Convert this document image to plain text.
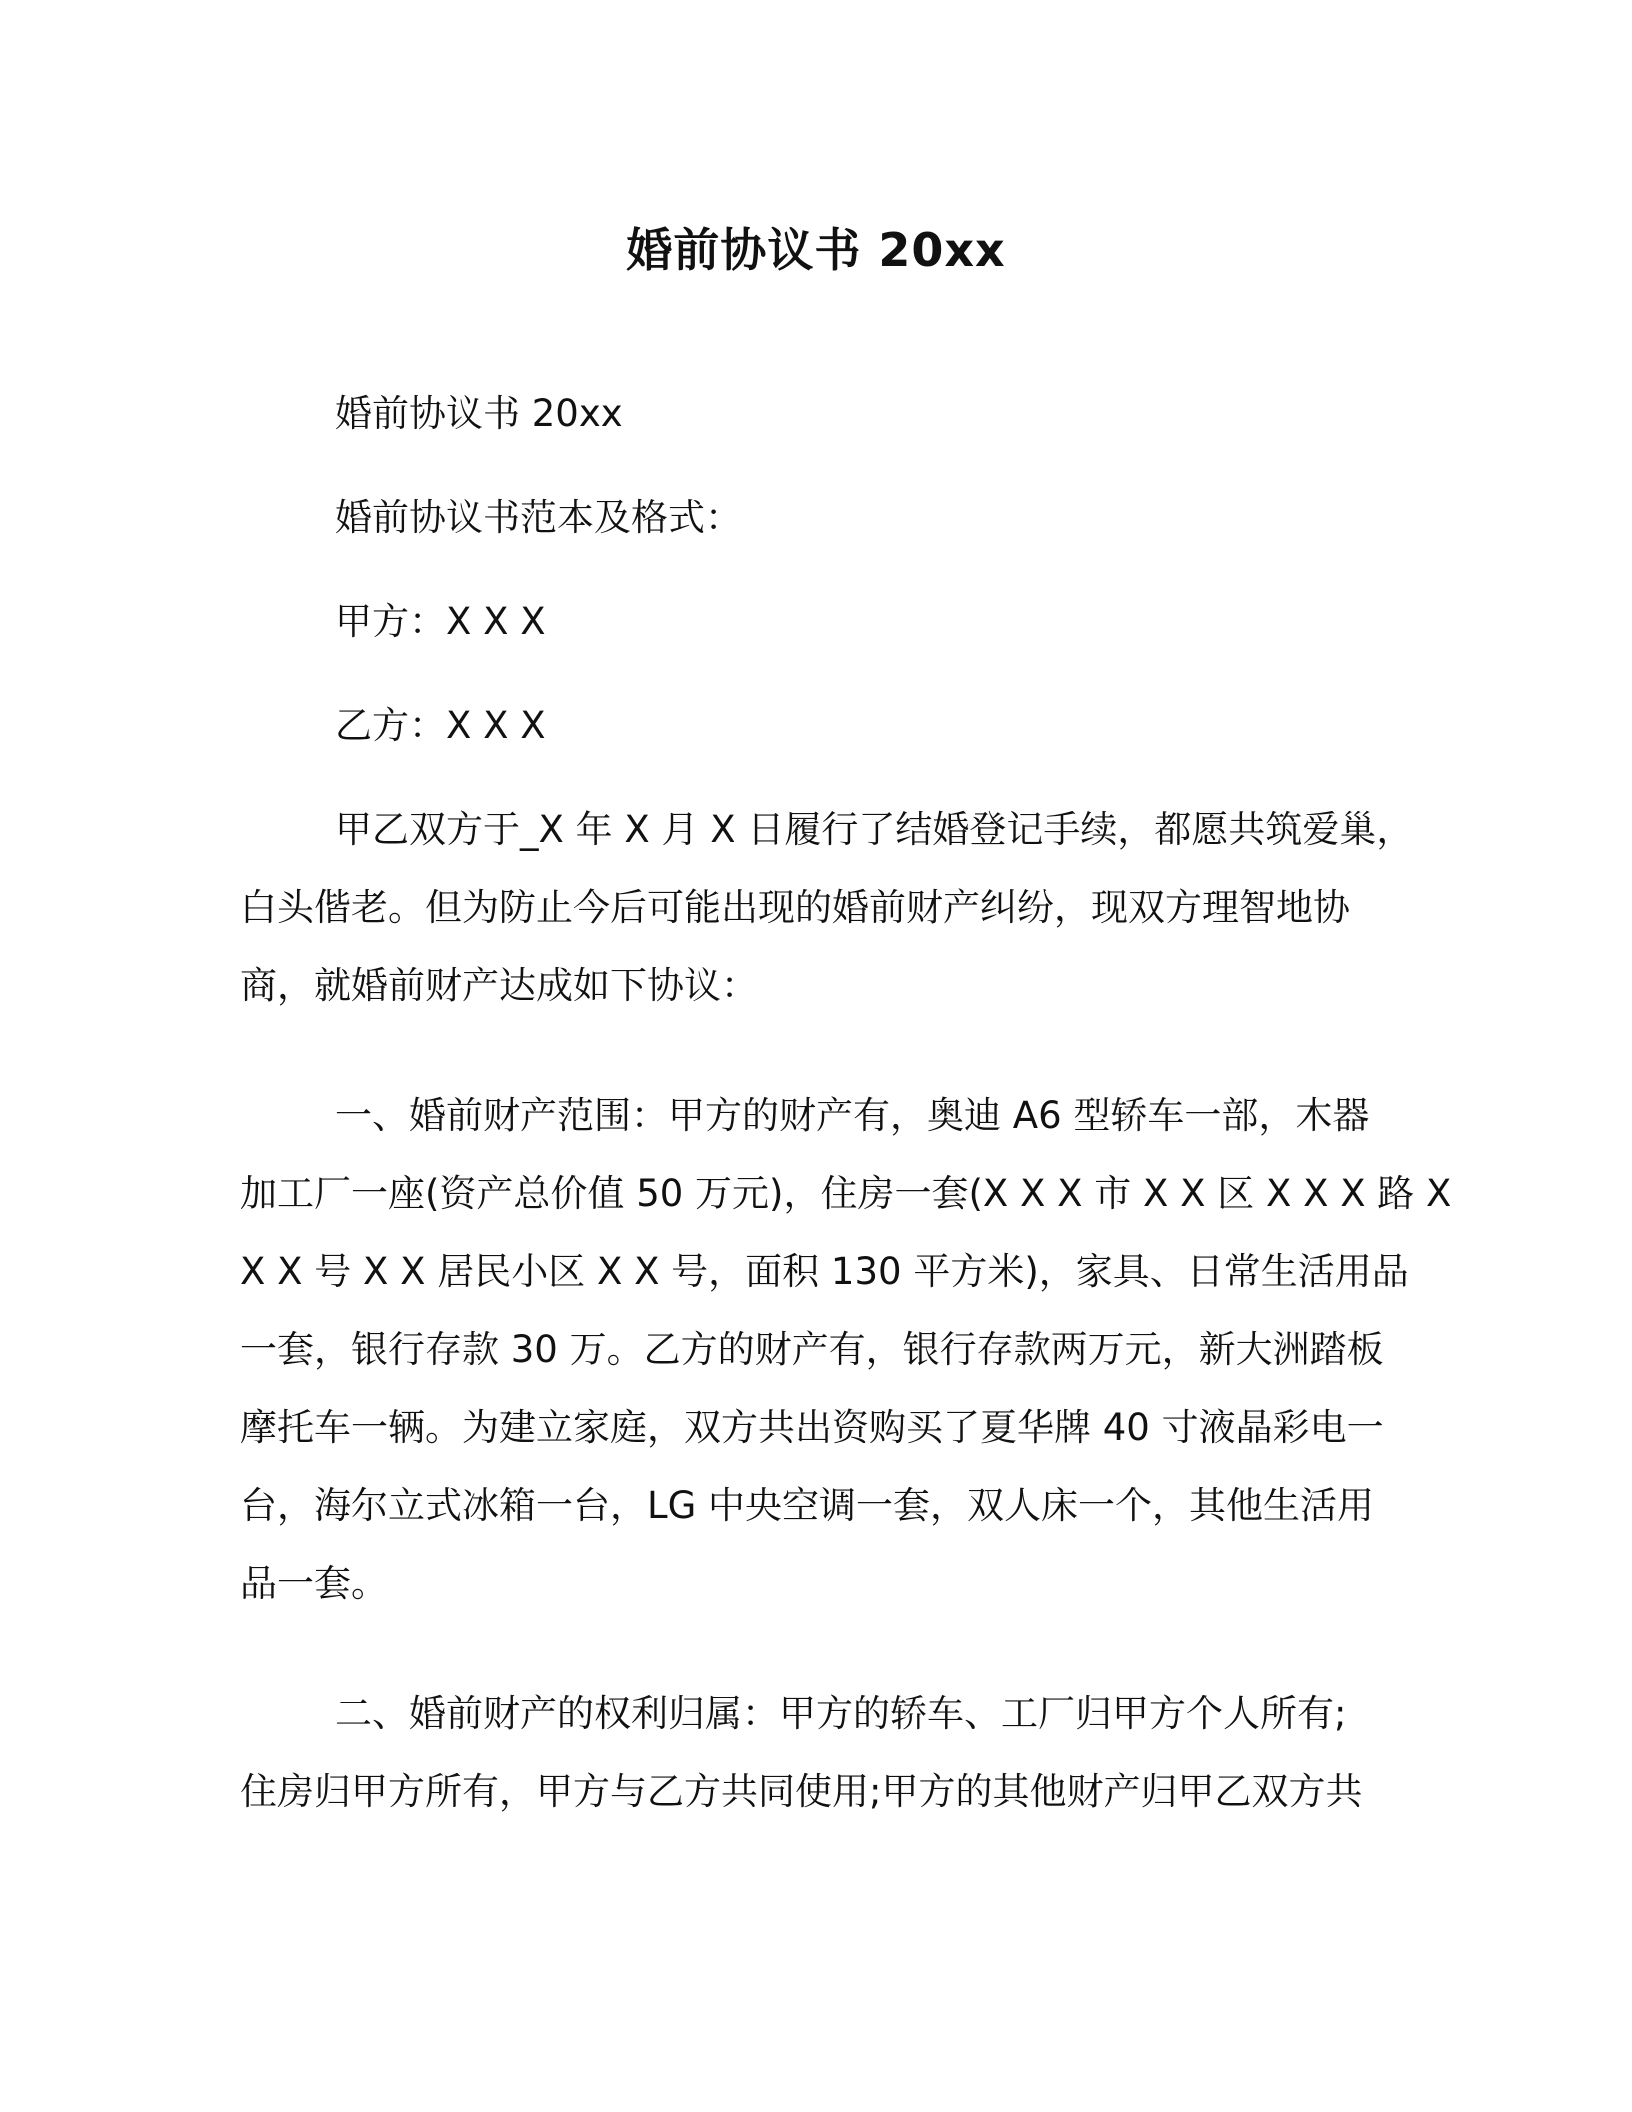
婚前协议书 20xx

婚前协议书 20xx

婚前协议书范本及格式：

甲方：X X X

乙方：X X X

甲乙双方于_X 年 X 月 X 日履行了结婚登记手续，都愿共筑爱巢，

白头偕老。但为防止今后可能出现的婚前财产纠纷，现双方理智地协

商，就婚前财产达成如下协议：

一、婚前财产范围：甲方的财产有，奥迪 A6 型轿车一部，木器

加工厂一座(资产总价值 50 万元)，住房一套(X X X 市 X X 区 X X X 路 X

X X 号 X X 居民小区 X X 号，面积 130 平方米)，家具、日常生活用品

一套，银行存款 30 万。乙方的财产有，银行存款两万元，新大洲踏板

摩托车一辆。为建立家庭，双方共出资购买了夏华牌 40 寸液晶彩电一

台，海尔立式冰箱一台，LG 中央空调一套，双人床一个，其他生活用

品一套。

二、婚前财产的权利归属：甲方的轿车、工厂归甲方个人所有;

住房归甲方所有，甲方与乙方共同使用;甲方的其他财产归甲乙双方共
